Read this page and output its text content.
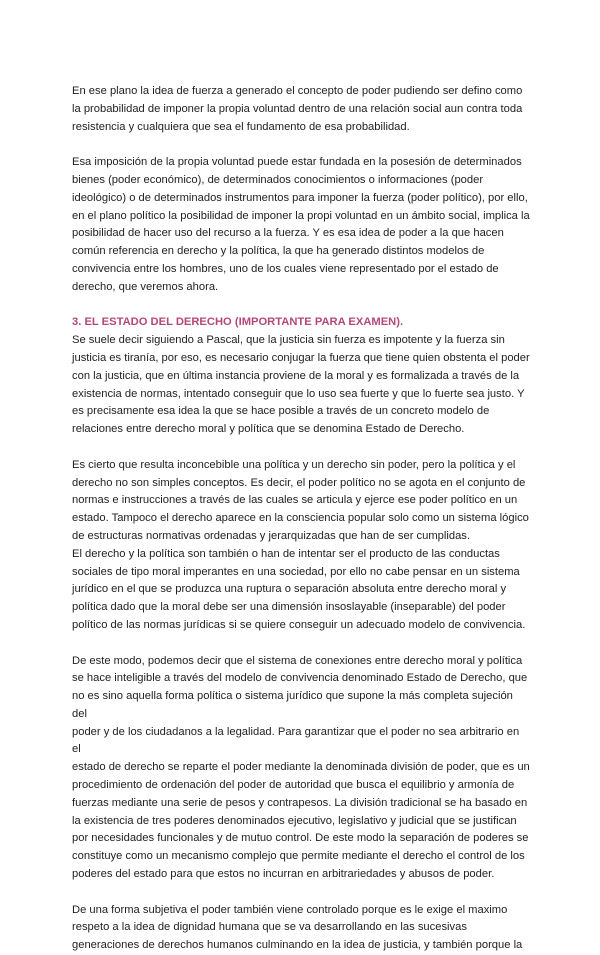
En ese plano la idea de fuerza a generado el concepto de poder pudiendo ser defino como
la probabilidad de imponer la propia voluntad dentro de una relación social aun contra toda
resistencia y cualquiera que sea el fundamento de esa probabilidad.

Esa imposición de la propia voluntad puede estar fundada en la posesión de determinados
bienes (poder económico), de determinados conocimientos o informaciones (poder
ideológico) o de determinados instrumentos para imponer la fuerza (poder político), por ello,
en el plano político la posibilidad de imponer la propi voluntad en un ámbito social, implica la
posibilidad de hacer uso del recurso a la fuerza. Y es esa idea de poder a la que hacen
común referencia en derecho y la política, la que ha generado distintos modelos de
convivencia entre los hombres, uno de los cuales viene representado por el estado de
derecho, que veremos ahora.

3. EL ESTADO DEL DERECHO (IMPORTANTE PARA EXAMEN).

Se suele decir siguiendo a Pascal, que la justicia sin fuerza es impotente y la fuerza sin
justicia es tiranía, por eso, es necesario conjugar la fuerza que tiene quien obstenta el poder
con la justicia, que en última instancia proviene de la moral y es formalizada a través de la
existencia de normas, intentado conseguir que lo uso sea fuerte y que lo fuerte sea justo. Y
es precisamente esa idea la que se hace posible a través de un concreto modelo de
relaciones entre derecho moral y política que se denomina Estado de Derecho.

Es cierto que resulta inconcebible una política y un derecho sin poder, pero la política y el
derecho no son simples conceptos. Es decir, el poder político no se agota en el conjunto de
normas e instrucciones a través de las cuales se articula y ejerce ese poder político en un
estado. Tampoco el derecho aparece en la consciencia popular solo como un sistema lógico
de estructuras normativas ordenadas y jerarquizadas que han de ser cumplidas.
El derecho y la política son también o han de intentar ser el producto de las conductas
sociales de tipo moral imperantes en una sociedad, por ello no cabe pensar en un sistema
jurídico en el que se produzca una ruptura o separación absoluta entre derecho moral y
política dado que la moral debe ser una dimensión insoslayable (inseparable) del poder
político de las normas jurídicas si se quiere conseguir un adecuado modelo de convivencia.

De este modo, podemos decir que el sistema de conexiones entre derecho moral y política
se hace inteligible a través del modelo de convivencia denominado Estado de Derecho, que
no es sino aquella forma política o sistema jurídico que supone la más completa sujeción del
poder y de los ciudadanos a la legalidad. Para garantizar que el poder no sea arbitrario en el
estado de derecho se reparte el poder mediante la denominada división de poder, que es un
procedimiento de ordenación del poder de autoridad que busca el equilibrio y armonía de
fuerzas mediante una serie de pesos y contrapesos. La división tradicional se ha basado en
la existencia de tres poderes denominados ejecutivo, legislativo y judicial que se justifican
por necesidades funcionales y de mutuo control. De este modo la separación de poderes se
constituye como un mecanismo complejo que permite mediante el derecho el control de los
poderes del estado para que estos no incurran en arbitrariedades y abusos de poder.

De una forma subjetiva el poder también viene controlado porque es le exige el maximo
respeto a la idea de dignidad humana que se va desarrollando en las sucesivas
generaciones de derechos humanos culminando en la idea de justicia, y también porque la
